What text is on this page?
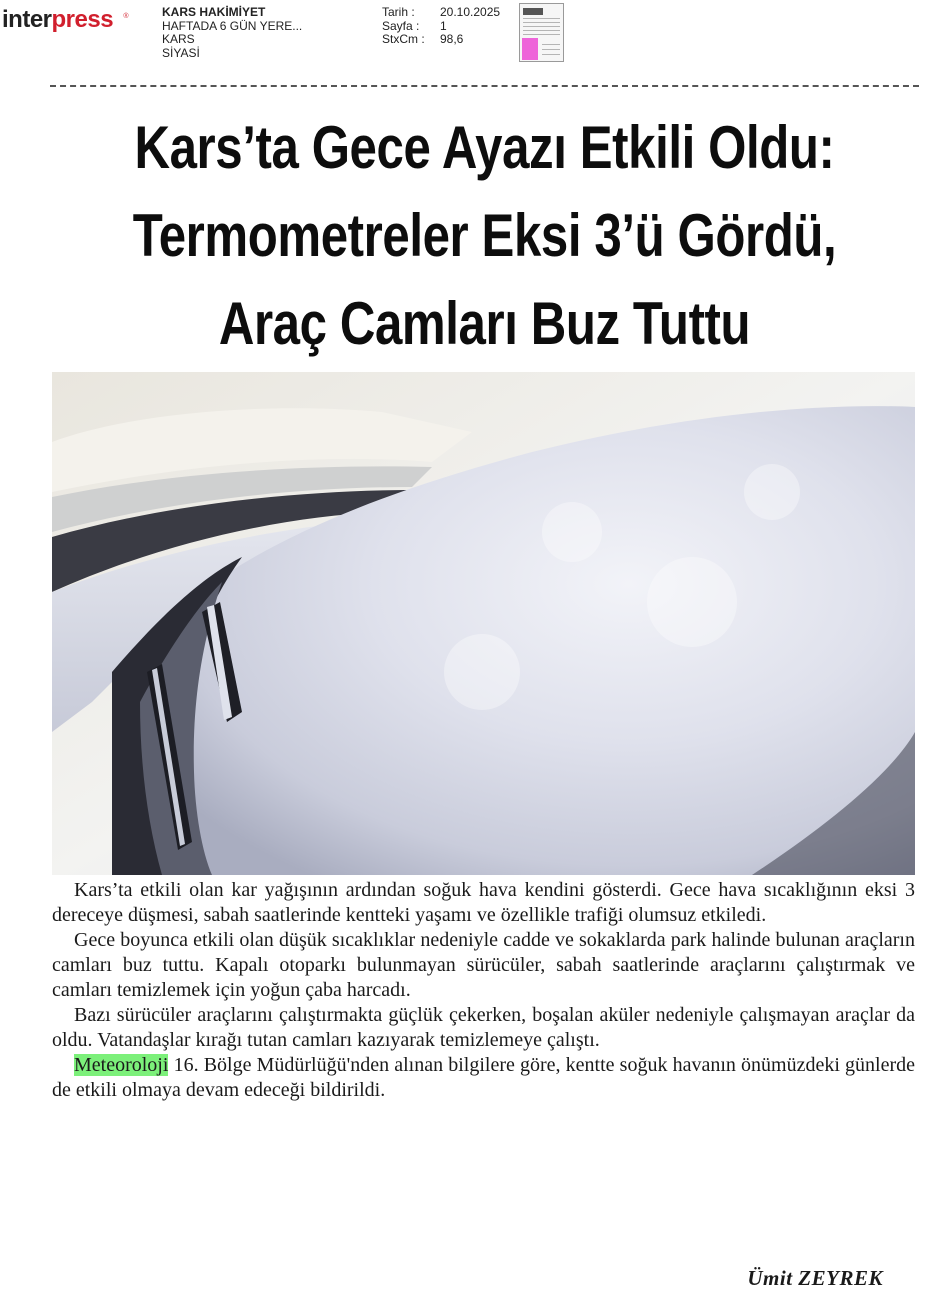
interpress ®	KARS HAKİMİYET
HAFTADA 6 GÜN YERE...
KARS
SİYASİ
Tarih :	20.10.2025
Sayfa :	1
StxCm :	98,6
Kars’ta Gece Ayazı Etkili Oldu:
Termometreler Eksi 3’ü Gördü,
Araç Camları Buz Tuttu

Kars’ta etkili olan kar yağışının ardından soğuk hava kendini gösterdi. Gece hava sıcaklığının eksi 3 dereceye düşmesi, sabah saatlerinde kentteki yaşamı ve özellikle trafiği olumsuz etkiledi.

Gece boyunca etkili olan düşük sıcaklıklar nedeniyle cadde ve sokaklarda park halinde bulunan araçların camları buz tuttu. Kapalı otoparkı bulunmayan sürücüler, sabah saatlerinde araçlarını çalıştırmak ve camları temizlemek için yoğun çaba harcadı.

Bazı sürücüler araçlarını çalıştırmakta güçlük çekerken, boşalan aküler nedeniyle çalışmayan araçlar da oldu. Vatandaşlar kırağı tutan camları kazıyarak temizlemeye çalıştı.

Meteoroloji 16. Bölge Müdürlüğü'nden alınan bilgilere göre, kentte soğuk havanın önümüzdeki günlerde de etkili olmaya devam edeceği bildirildi.

Ümit ZEYREK
